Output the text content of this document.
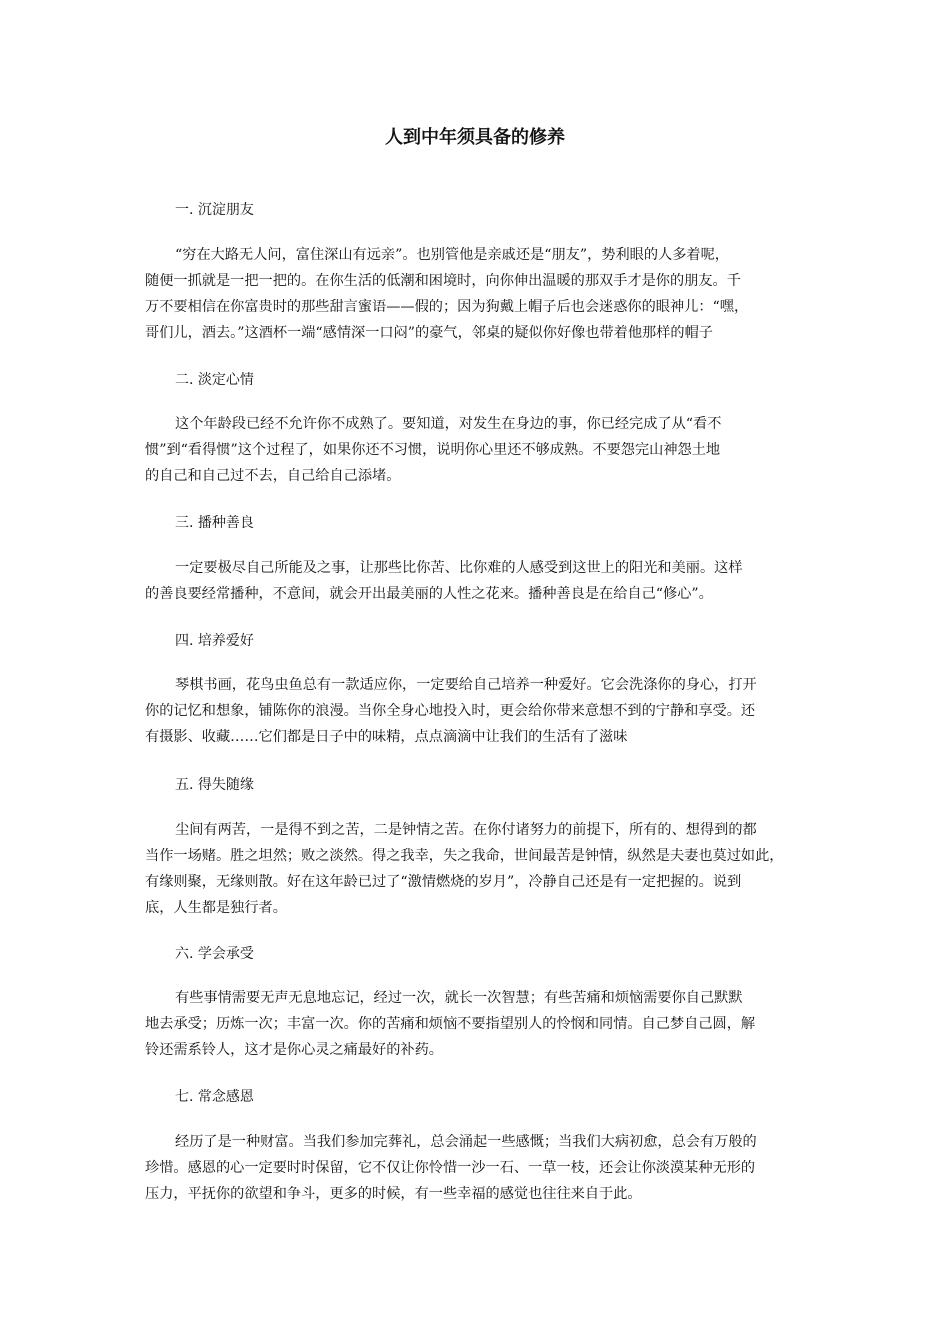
人到中年须具备的修养
一. 沉淀朋友
“穷在大路无人问，富住深山有远亲”。也别管他是亲戚还是“朋友”，势利眼的人多着呢，
随便一抓就是一把一把的。在你生活的低潮和困境时，向你伸出温暖的那双手才是你的朋友。千
万不要相信在你富贵时的那些甜言蜜语——假的；因为狗戴上帽子后也会迷惑你的眼神儿：“嘿，
哥们儿，酒去。”这酒杯一端“感情深一口闷”的豪气，邻桌的疑似你好像也带着他那样的帽子
二. 淡定心情
这个年龄段已经不允许你不成熟了。要知道，对发生在身边的事，你已经完成了从“看不
惯”到“看得惯”这个过程了，如果你还不习惯，说明你心里还不够成熟。不要怨完山神怨土地
的自己和自己过不去，自己给自己添堵。
三. 播种善良
一定要极尽自己所能及之事，让那些比你苦、比你难的人感受到这世上的阳光和美丽。这样
的善良要经常播种，不意间，就会开出最美丽的人性之花来。播种善良是在给自己“修心”。
四. 培养爱好
琴棋书画，花鸟虫鱼总有一款适应你，一定要给自己培养一种爱好。它会洗涤你的身心，打开
你的记忆和想象，铺陈你的浪漫。当你全身心地投入时，更会给你带来意想不到的宁静和享受。还
有摄影、收藏……它们都是日子中的味精，点点滴滴中让我们的生活有了滋味
五. 得失随缘
尘间有两苦，一是得不到之苦，二是钟情之苦。在你付诸努力的前提下，所有的、想得到的都
当作一场赌。胜之坦然；败之淡然。得之我幸，失之我命，世间最苦是钟情，纵然是夫妻也莫过如此，
有缘则聚，无缘则散。好在这年龄已过了“激情燃烧的岁月”，冷静自己还是有一定把握的。说到
底，人生都是独行者。
六. 学会承受
有些事情需要无声无息地忘记，经过一次，就长一次智慧；有些苦痛和烦恼需要你自己默默
地去承受；历炼一次；丰富一次。你的苦痛和烦恼不要指望别人的怜悯和同情。自己梦自己圆，解
铃还需系铃人，这才是你心灵之痛最好的补药。
七. 常念感恩
经历了是一种财富。当我们参加完葬礼，总会涌起一些感慨；当我们大病初愈，总会有万般的
珍惜。感恩的心一定要时时保留，它不仅让你怜惜一沙一石、一草一枝，还会让你淡漠某种无形的
压力，平抚你的欲望和争斗，更多的时候，有一些幸福的感觉也往往来自于此。
